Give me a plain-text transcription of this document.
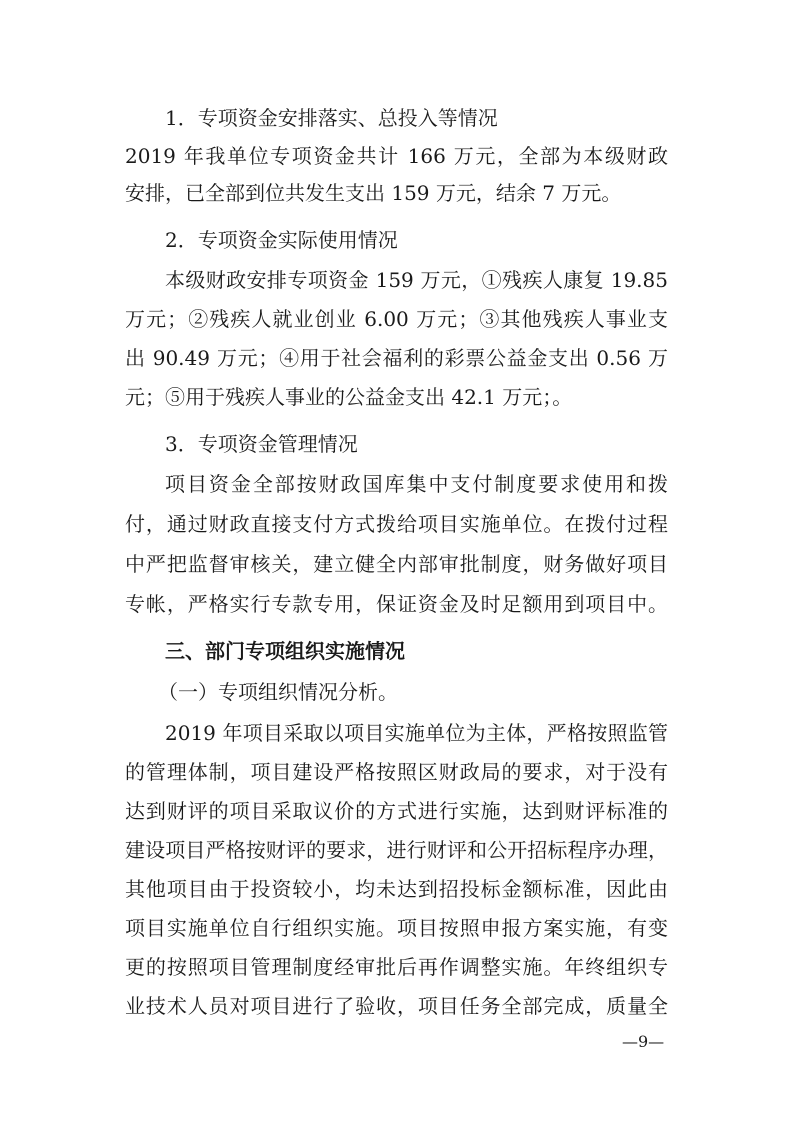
1．专项资金安排落实、总投入等情况
2019 年我单位专项资金共计 166 万元，全部为本级财政
安排，已全部到位共发生支出 159 万元，结余 7 万元。
2．专项资金实际使用情况
本级财政安排专项资金 159 万元，①残疾人康复 19.85
万元；②残疾人就业创业 6.00 万元；③其他残疾人事业支
出 90.49 万元；④用于社会福利的彩票公益金支出 0.56 万
元；⑤用于残疾人事业的公益金支出 42.1 万元；。
3．专项资金管理情况
项目资金全部按财政国库集中支付制度要求使用和拨
付，通过财政直接支付方式拨给项目实施单位。在拨付过程
中严把监督审核关，建立健全内部审批制度，财务做好项目
专帐，严格实行专款专用，保证资金及时足额用到项目中。
三、部门专项组织实施情况
（一）专项组织情况分析。
2019 年项目采取以项目实施单位为主体，严格按照监管
的管理体制，项目建设严格按照区财政局的要求，对于没有
达到财评的项目采取议价的方式进行实施，达到财评标准的
建设项目严格按财评的要求，进行财评和公开招标程序办理，
其他项目由于投资较小，均未达到招投标金额标准，因此由
项目实施单位自行组织实施。项目按照申报方案实施，有变
更的按照项目管理制度经审批后再作调整实施。年终组织专
业技术人员对项目进行了验收，项目任务全部完成，质量全
—9—
